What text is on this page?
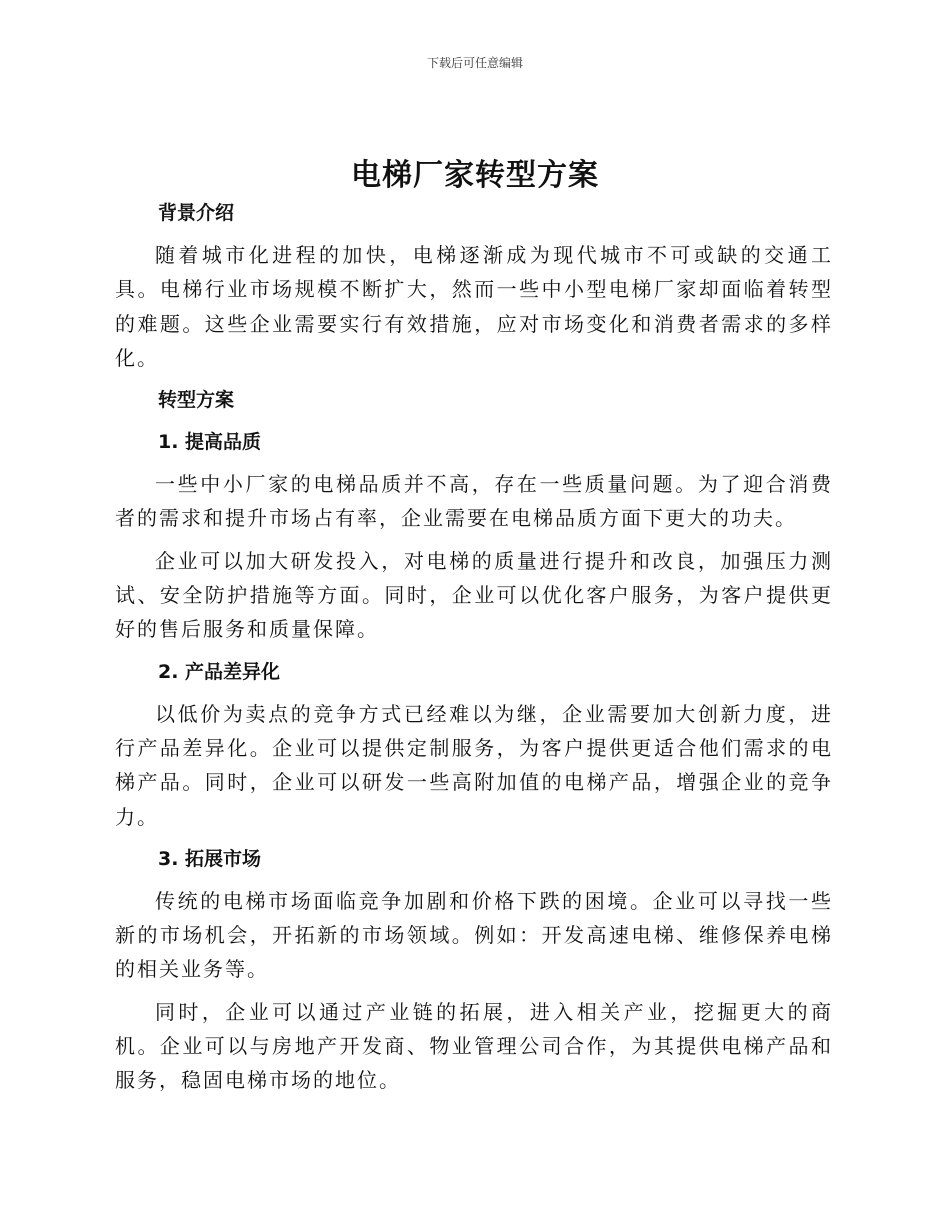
下载后可任意编辑
电梯厂家转型方案
背景介绍

随着城市化进程的加快，电梯逐渐成为现代城市不可或缺的交通工具。电梯行业市场规模不断扩大，然而一些中小型电梯厂家却面临着转型的难题。这些企业需要实行有效措施，应对市场变化和消费者需求的多样化。

转型方案
1. 提高品质

一些中小厂家的电梯品质并不高，存在一些质量问题。为了迎合消费者的需求和提升市场占有率，企业需要在电梯品质方面下更大的功夫。

企业可以加大研发投入，对电梯的质量进行提升和改良，加强压力测试、安全防护措施等方面。同时，企业可以优化客户服务，为客户提供更好的售后服务和质量保障。

2. 产品差异化

以低价为卖点的竞争方式已经难以为继，企业需要加大创新力度，进行产品差异化。企业可以提供定制服务，为客户提供更适合他们需求的电梯产品。同时，企业可以研发一些高附加值的电梯产品，增强企业的竞争力。

3. 拓展市场

传统的电梯市场面临竞争加剧和价格下跌的困境。企业可以寻找一些新的市场机会，开拓新的市场领域。例如：开发高速电梯、维修保养电梯的相关业务等。

同时，企业可以通过产业链的拓展，进入相关产业，挖掘更大的商机。企业可以与房地产开发商、物业管理公司合作，为其提供电梯产品和服务，稳固电梯市场的地位。
